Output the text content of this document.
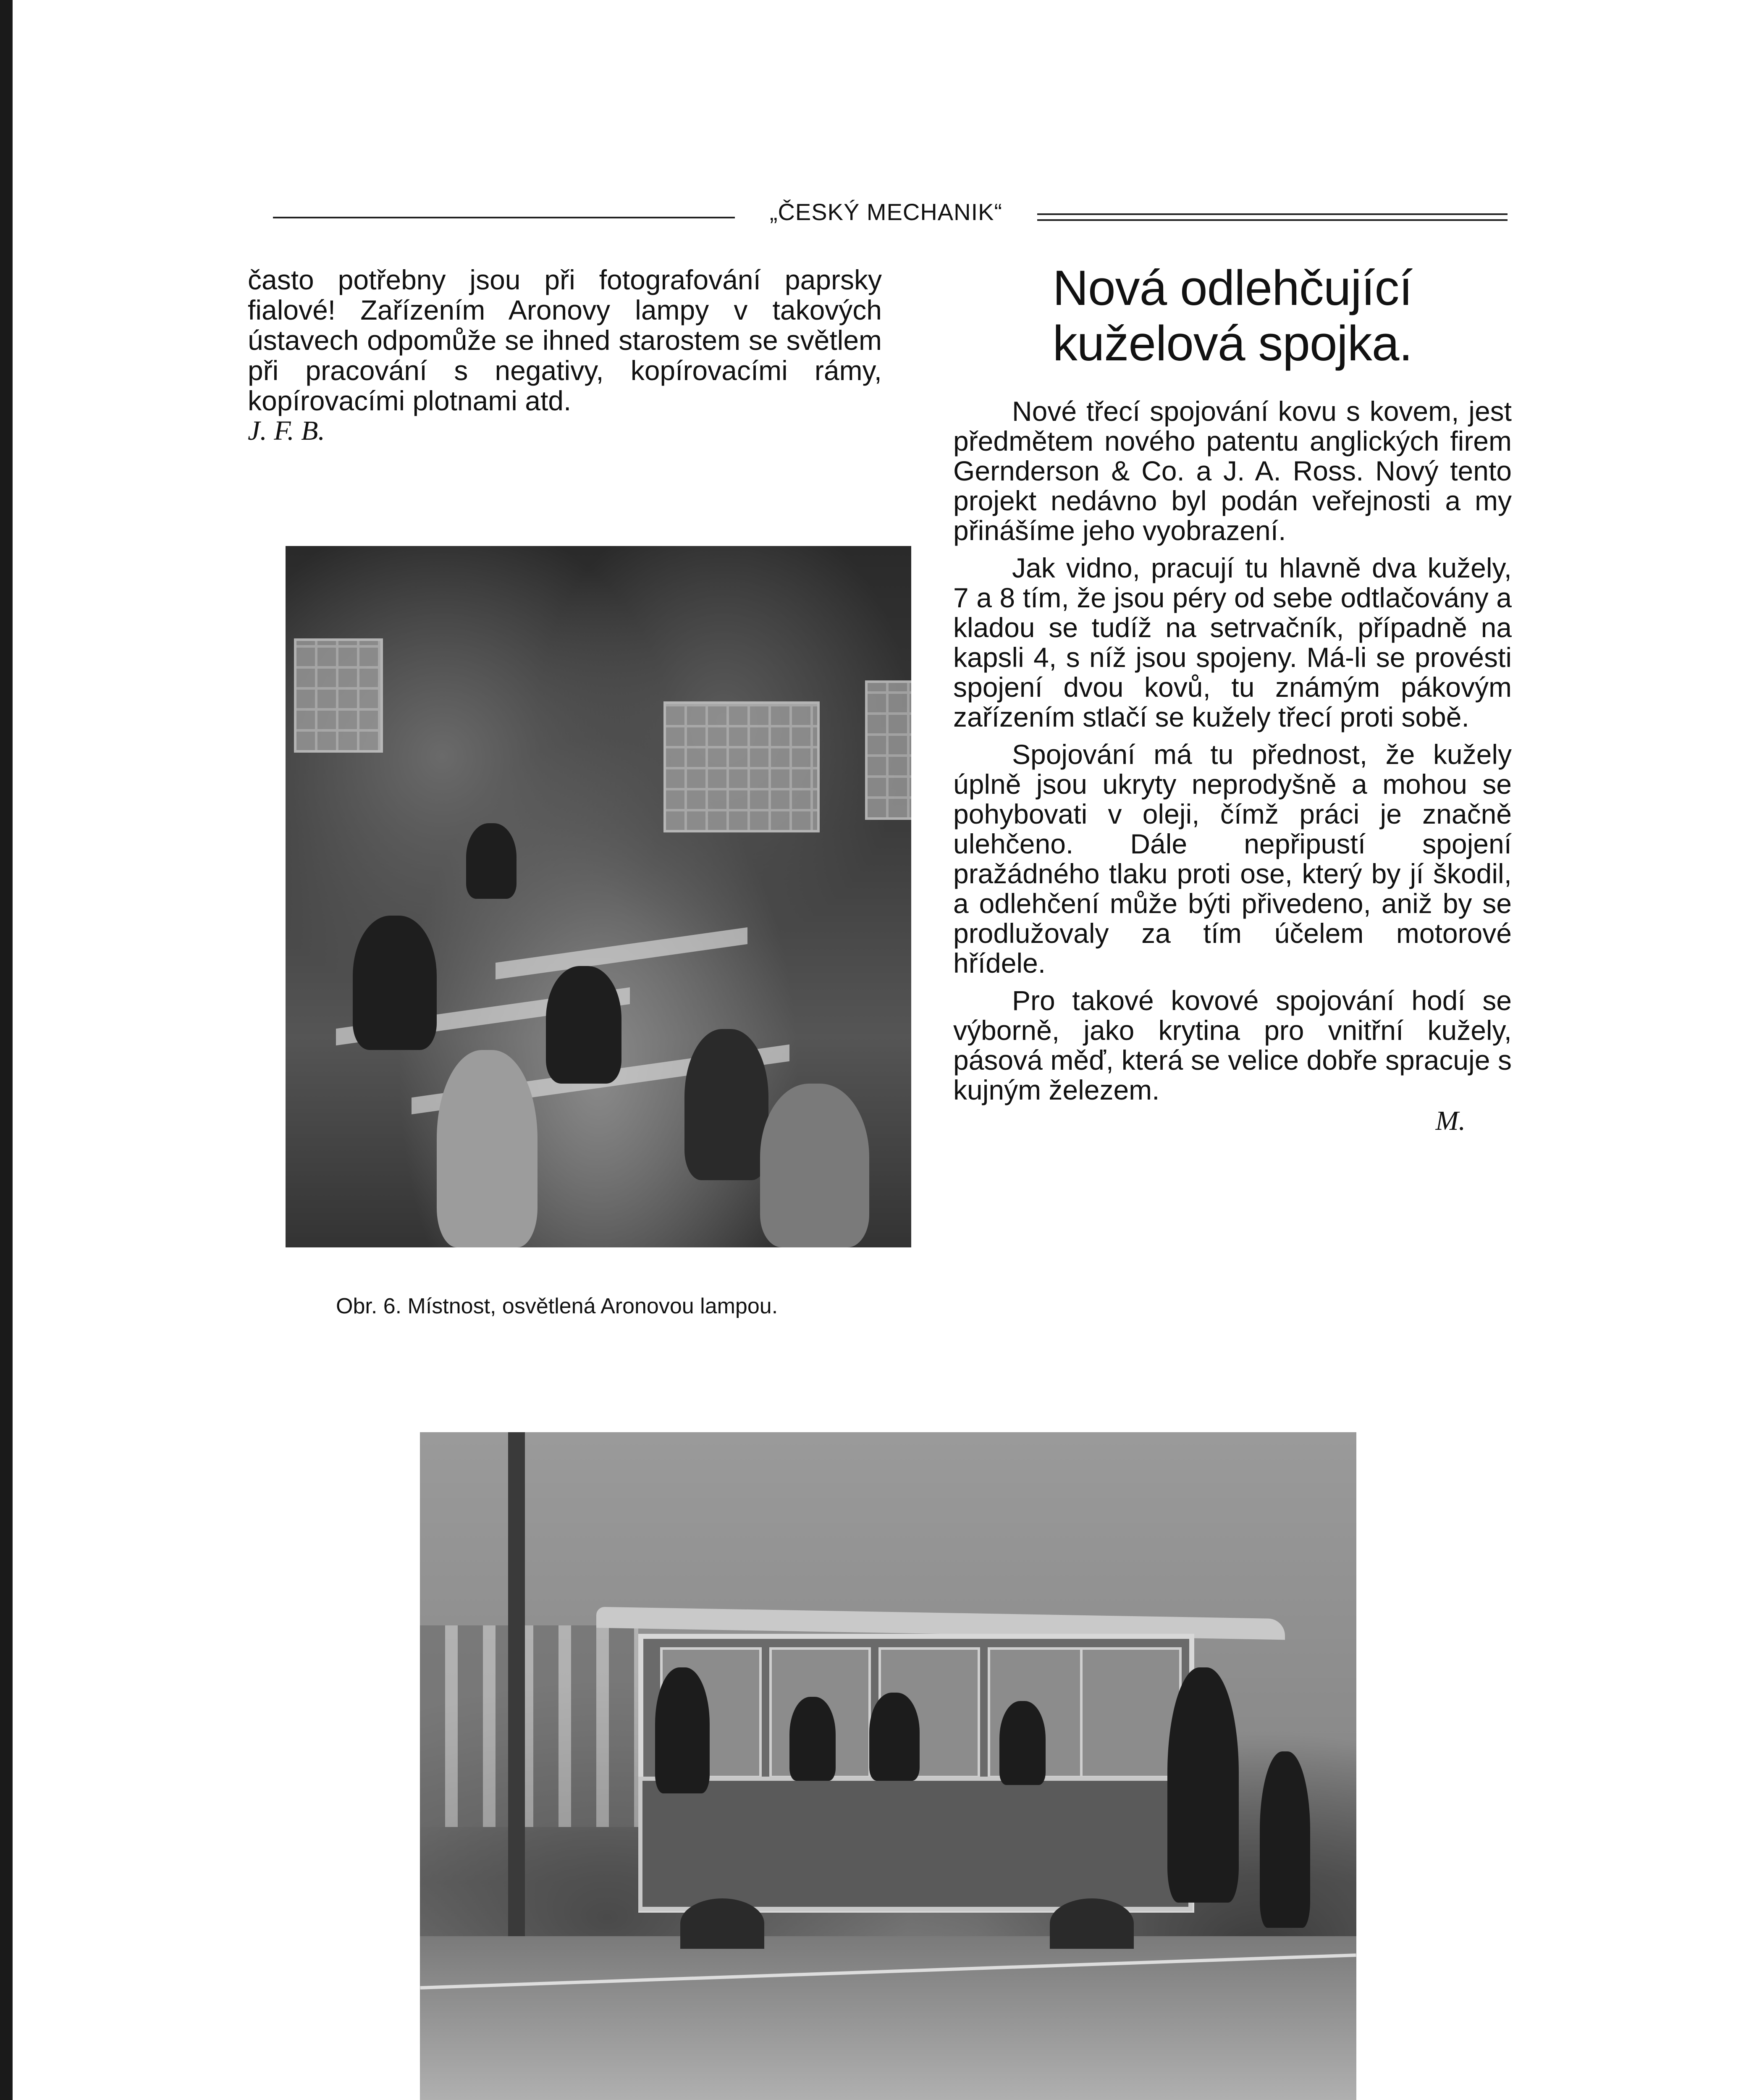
„ČESKÝ MECHANIK“

často potřebny jsou při fotografování paprsky fialové! Zařízením Aronovy lampy v takových ústavech odpomůže se ihned starostem se světlem při pracování s negativy, kopírovacími rámy, kopírovacími plotnami atd.

J. F. B.

Obr. 6. Místnost, osvětlená Aronovou lampou.
Nová odlehčující kuželová spojka.

Nové třecí spojování kovu s kovem, jest předmětem nového patentu anglických firem Gernderson & Co. a J. A. Ross. Nový tento projekt nedávno byl podán veřejnosti a my přinášíme jeho vyobrazení.

Jak vidno, pracují tu hlavně dva kužely, 7 a 8 tím, že jsou péry od sebe odtlačovány a kladou se tudíž na setrvačník, případně na kapsli 4, s níž jsou spojeny. Má-li se provésti spojení dvou kovů, tu známým pákovým zařízením stlačí se kužely třecí proti sobě.

Spojování má tu přednost, že kužely úplně jsou ukryty neprodyšně a mohou se pohybovati v oleji, čímž práci je značně ulehčeno. Dále nepřipustí spojení pražádného tlaku proti ose, který by jí škodil, a odlehčení může býti přivedeno, aniž by se prodlužovaly za tím účelem motorové hřídele.

Pro takové kovové spojování hodí se výborně, jako krytina pro vnitřní kužely, pásová měď, která se velice dobře spracuje s kujným železem.

M.
